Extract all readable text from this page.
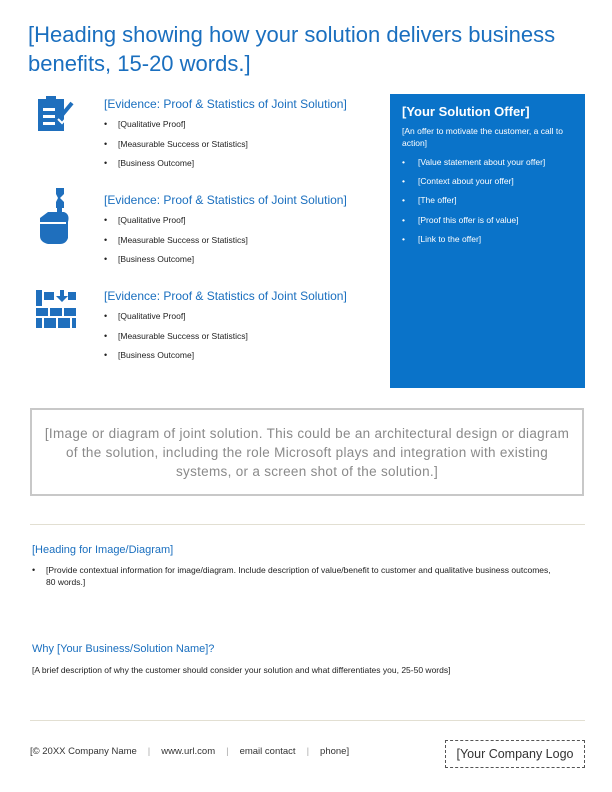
[Heading showing how your solution delivers business benefits, 15-20 words.]
[Evidence: Proof & Statistics of Joint Solution]
• [Qualitative Proof]
• [Measurable Success or Statistics]
• [Business Outcome]
[Evidence: Proof & Statistics of Joint Solution]
• [Qualitative Proof]
• [Measurable Success or Statistics]
• [Business Outcome]
[Evidence: Proof & Statistics of Joint Solution]
• [Qualitative Proof]
• [Measurable Success or Statistics]
• [Business Outcome]
[Your Solution Offer]
[An offer to motivate the customer, a call to action]
• [Value statement about your offer]
• [Context about your offer]
• [The offer]
• [Proof this offer is of value]
• [Link to the offer]
[Image or diagram of joint solution. This could be an architectural design or diagram of the solution, including the role Microsoft plays and integration with existing systems, or a screen shot of the solution.]
[Heading for Image/Diagram]
• [Provide contextual information for image/diagram. Include description of value/benefit to customer and qualitative business outcomes, 80 words.]
Why [Your Business/Solution Name]?
[A brief description of why the customer should consider your solution and what differentiates you, 25-50 words]
[© 20XX Company Name | www.url.com | email contact | phone]	[Your Company Logo
